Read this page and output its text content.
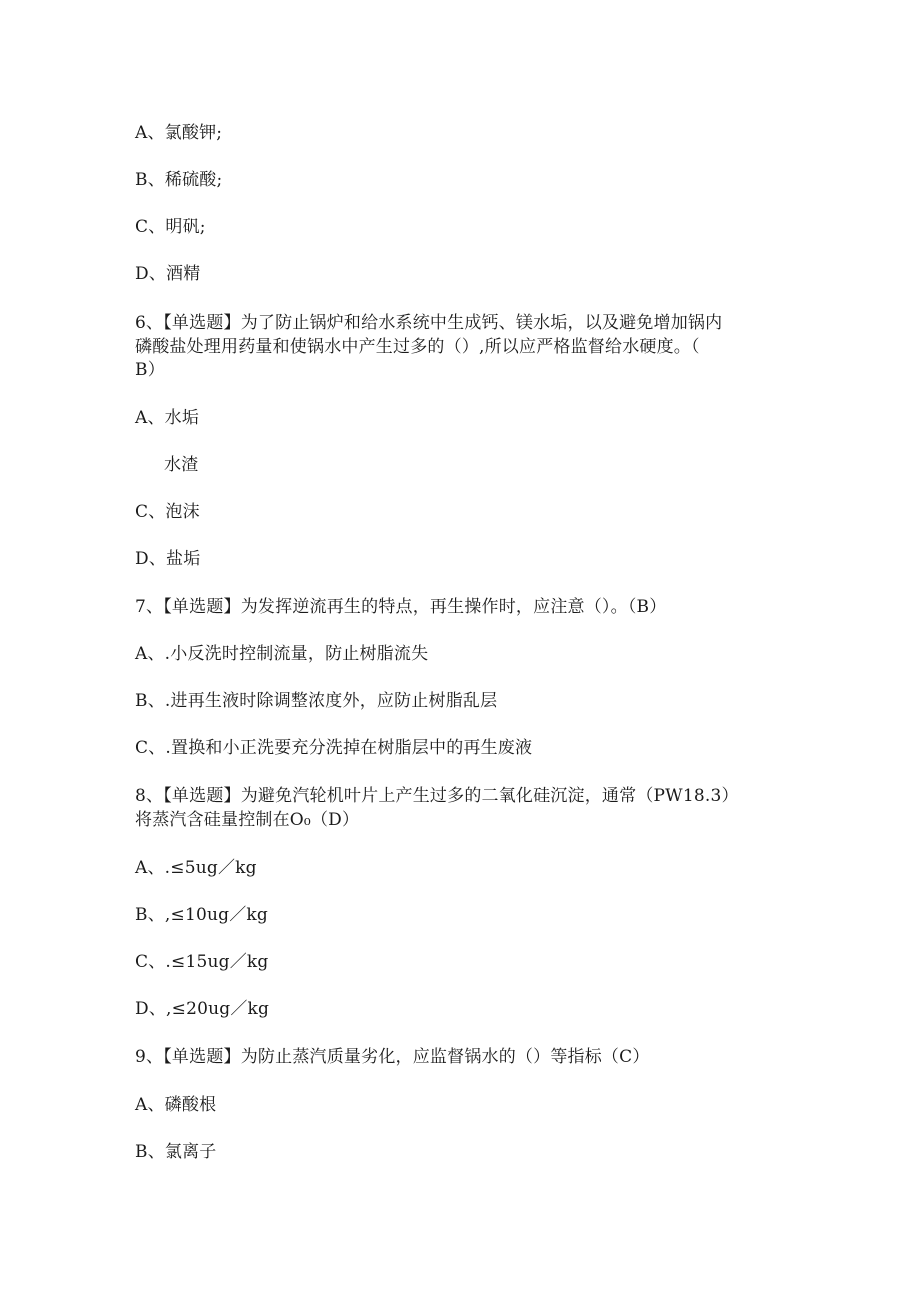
A、氯酸钾;
B、稀硫酸;
C、明矾;
D、酒精
6、【单选题】为了防止锅炉和给水系统中生成钙、镁水垢，以及避免增加锅内
磷酸盐处理用药量和使锅水中产生过多的（）,所以应严格监督给水硬度。（
B）
A、水垢
水渣
C、泡沫
D、盐垢
7、【单选题】为发挥逆流再生的特点，再生操作时，应注意（）。（B）
A、.小反洗时控制流量，防止树脂流失
B、.进再生液时除调整浓度外，应防止树脂乱层
C、.置换和小正洗要充分洗掉在树脂层中的再生废液
8、【单选题】为避免汽轮机叶片上产生过多的二氧化硅沉淀，通常（PW18.3）
将蒸汽含硅量控制在O₀（D）
A、.≤5ug／kg
B、,≤10ug／kg
C、.≤15ug／kg
D、,≤20ug／kg
9、【单选题】为防止蒸汽质量劣化，应监督锅水的（）等指标（C）
A、磷酸根
B、氯离子
